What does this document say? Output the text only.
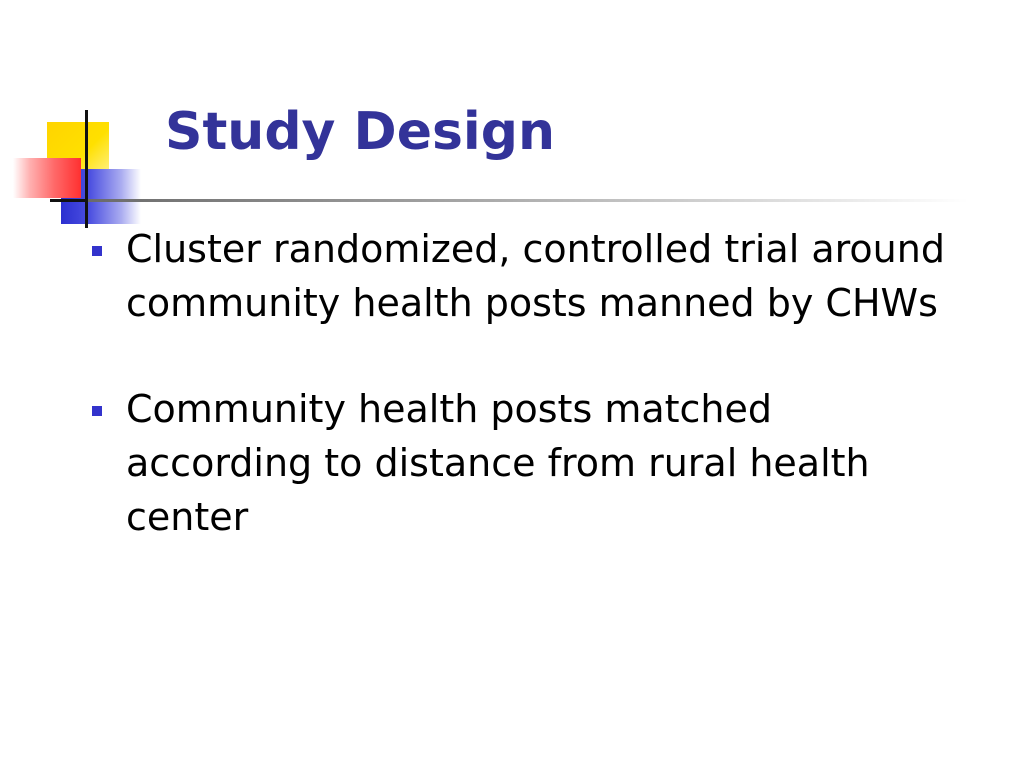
Study Design
Cluster randomized, controlled trial around community health posts manned by CHWs
Community health posts matched according to distance from rural health center
